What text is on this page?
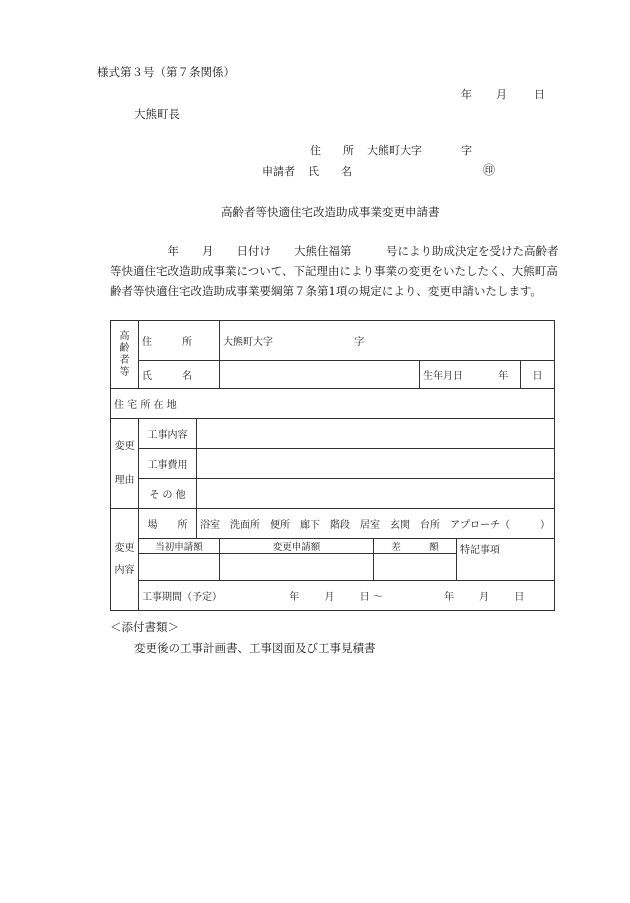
様式第３号（第７条関係）
年 月 日
大熊町長
住　　所 大熊町大字	字
申請者 氏　　名	㊞
高齢者等快適住宅改造助成事業変更申請書
　　　　　年　　月　　日付け　　大熊住福第　　　号により助成決定を受けた高齢者
等快適住宅改造助成事業について、下記理由により事業の変更をいたしたく、大熊町高
齢者等快適住宅改造助成事業要綱第７条第1項の規定により、変更申請いたします。
高
齢
者
等	住　　　所		大熊町大字 字					
	氏　　　名				生年月日 年		日	
住 宅 所 在 地								

変更
理由	工事内容							
	工事費用							
	そ の 他							

変更
内容	場　　所	浴室　洗面所　便所　廊下　階段　居室　玄関　台所　アプローチ（　　　）						
	当初申請額		変更申請額	差　　　額		特記事項		

	工事期間（予定） 年 月 日 〜 年 月 日							
＜添付書類＞
変更後の工事計画書、工事図面及び工事見積書
